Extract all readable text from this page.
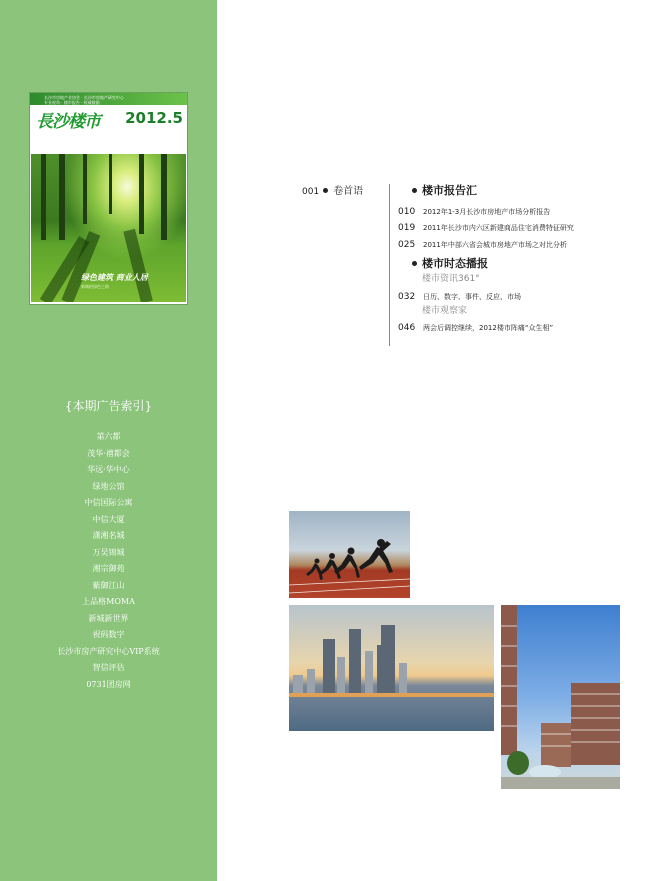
长沙市房地产业协会 · 长沙市房地产研究中心
专业视角 · 楼市报告 · 权威数据
長沙楼市 2012.5
绿色建筑 商业人居
新城的绿色之路
{本期广告索引}
第六都
茂华·禧都会
华远·华中心
绿地公馆
中信国际公寓
中信大厦
潇湘名城
万吴锦城
湘宗御苑
紫御江山
上品格MOMA
新城新世界
祝码数字
长沙市房产研究中心VIP系统
智信评估
0731团房网
001 卷首语	楼市报告汇
010 2012年1-3月长沙市房地产市场分析报告
019 2011年长沙市内六区新建商品住宅消费特征研究
025 2011年中部六省会城市房地产市场之对比分析
楼市时态播报
楼市资讯361°
032 日历、数字、事件、反应、市场
楼市观察家
046 两会后调控继续，2012楼市阵痛“众生相”
